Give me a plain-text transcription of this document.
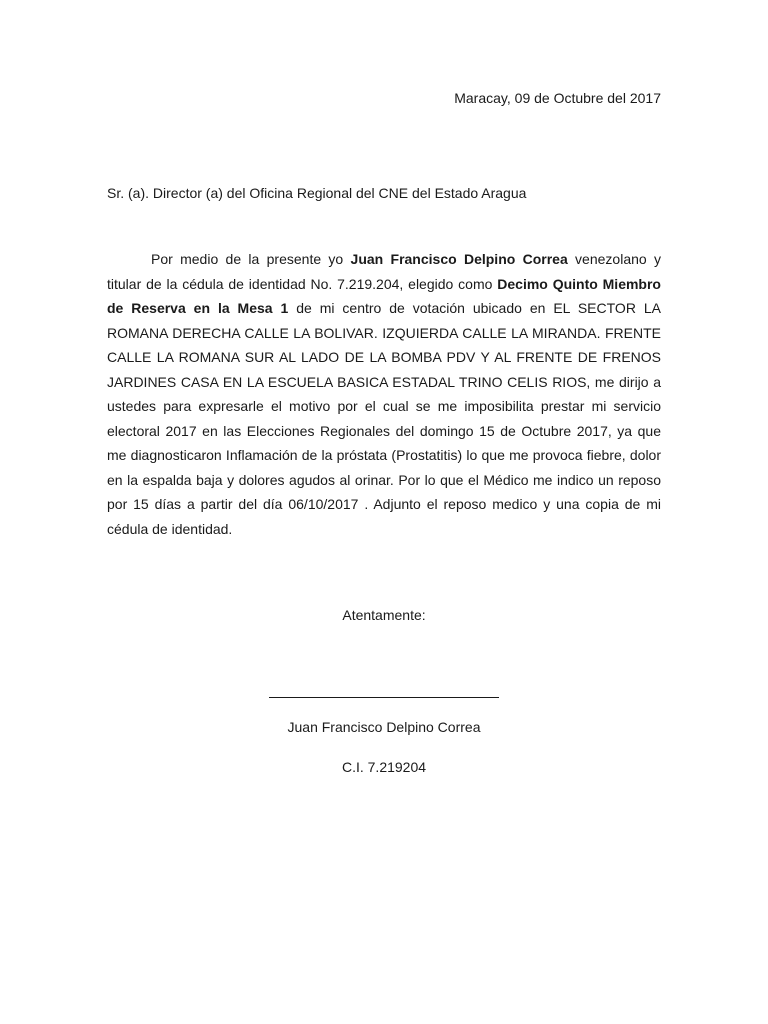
Maracay, 09 de Octubre del 2017
Sr. (a). Director (a) del Oficina Regional del CNE del Estado Aragua

Por medio de la presente yo Juan Francisco Delpino Correa venezolano y titular de la cédula de identidad No. 7.219.204, elegido como Decimo Quinto Miembro de Reserva en la Mesa 1 de mi centro de votación ubicado en EL SECTOR LA ROMANA DERECHA CALLE LA BOLIVAR. IZQUIERDA CALLE LA MIRANDA. FRENTE CALLE LA ROMANA SUR AL LADO DE LA BOMBA PDV Y AL FRENTE DE FRENOS JARDINES CASA EN LA ESCUELA BASICA ESTADAL TRINO CELIS RIOS, me dirijo a ustedes para expresarle el motivo por el cual se me imposibilita prestar mi servicio electoral 2017 en las Elecciones Regionales del domingo 15 de Octubre 2017, ya que me diagnosticaron Inflamación de la próstata (Prostatitis) lo que me provoca fiebre, dolor en la espalda baja y dolores agudos al orinar. Por lo que el Médico me indico un reposo por 15 días a partir del día 06/10/2017 . Adjunto el reposo medico y una copia de mi cédula de identidad.

Atentamente:
Juan Francisco Delpino Correa
C.I. 7.219204
